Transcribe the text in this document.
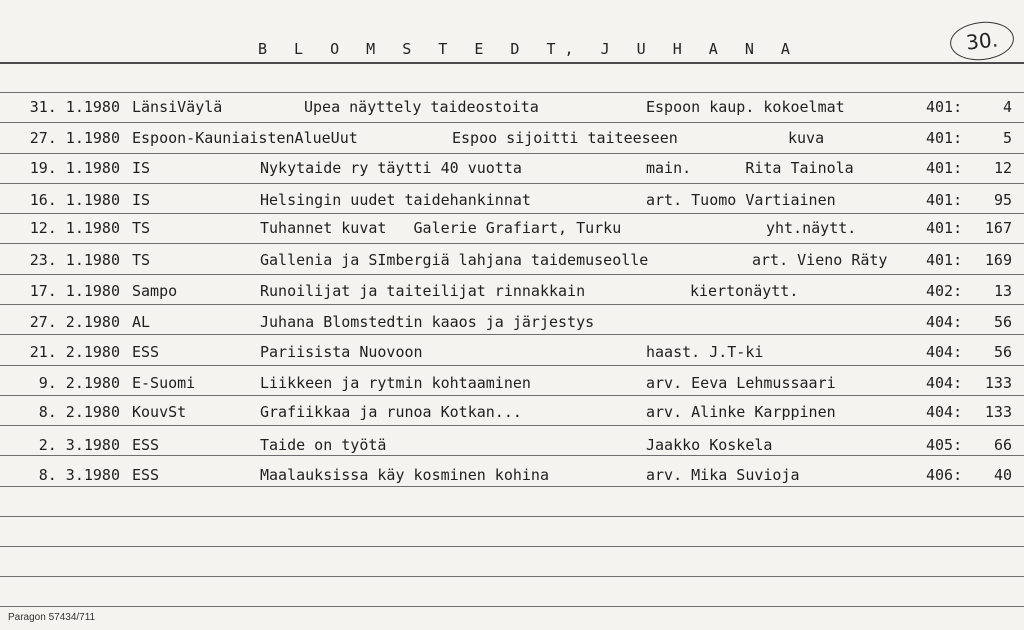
B L O M S T E D T, J U H A N A	30.
31. 1.1980 LänsiVäylä	Upea näyttely taideostoita	Espoon kaup. kokoelmat	401:	4
27. 1.1980 Espoon-KauniaistenAlueUut	Espoo sijoitti taiteeseen	kuva	401:	5
19. 1.1980 IS	Nykytaide ry täytti 40 vuotta	main.      Rita Tainola	401: 12
16. 1.1980 IS	Helsingin uudet taidehankinnat	art. Tuomo Vartiainen	401: 95
12. 1.1980 TS	Tuhannet kuvat   Galerie Grafiart, Turku	yht.näytt.	401: 167
23. 1.1980 TS	Gallenia ja SImbergiä lahjana taidemuseolle	art. Vieno Räty	401: 169
17. 1.1980 Sampo	Runoilijat ja taiteilijat rinnakkain	kiertonäytt.	402: 13
27. 2.1980 AL	Juhana Blomstedtin kaaos ja järjestys	404: 56
21. 2.1980 ESS	Pariisista Nuovoon	haast. J.T-ki	404: 56
9. 2.1980 E-Suomi	Liikkeen ja rytmin kohtaaminen	arv. Eeva Lehmussaari	404: 133
8. 2.1980 KouvSt	Grafiikkaa ja runoa Kotkan...	arv. Alinke Karppinen	404: 133
2. 3.1980 ESS	Taide on työtä	Jaakko Koskela	405: 66
8. 3.1980 ESS	Maalauksissa käy kosminen kohina	arv. Mika Suvioja	406: 40
Paragon 57434/711
